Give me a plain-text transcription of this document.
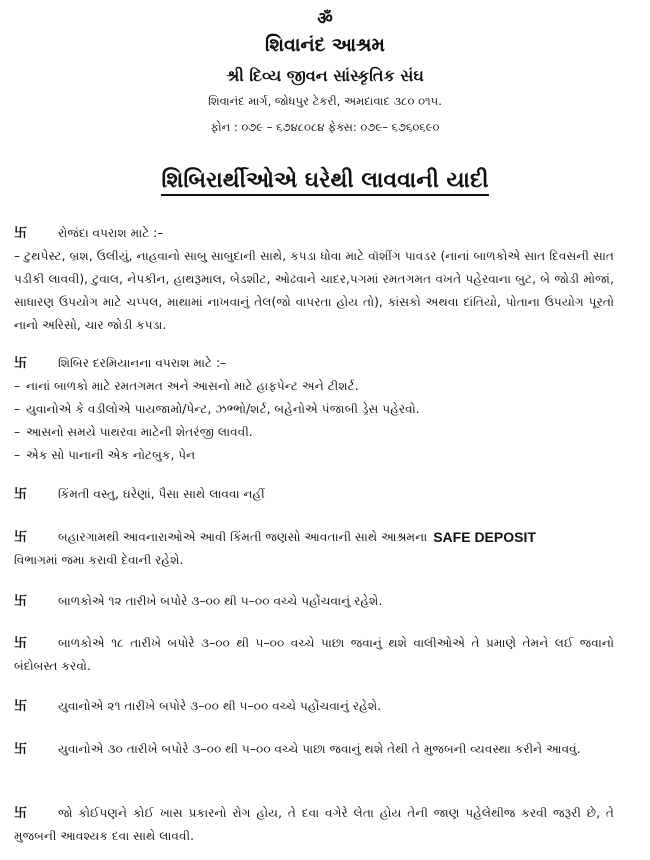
ॐ
શિવાનંદ આશ્રમ
શ્રી દિવ્ય જીવન સાંસ્કૃતિક સંઘ
શિવાનંદ માર્ગ, જોધપુર ટેકરી, અમદાવાદ ૩૮૦ ૦૧૫.
ફોન : ૦૭૯ – ૬૭૪૮૦૮૪ ફેક્સ: ૦૭૯– ૬૭૬૦૬૯૦
શિબિરાર્થીઓએ ઘરેથી લાવવાની યાદી
卐	રોજંદા વપરાશ માટે :–
– ટુથપેસ્ટ, બ્રશ, ઉલીયું, નાહવાનો સાબુ સાબુદાની સાથે, કપડા ધોવા માટે વૉશીંગ પાવડર (નાનાં બાળકોએ સાત દિવસની સાત પડીકી લાવવી), ટુવાલ, નેપકીન, હાથરૂમાલ, બેડશીટ, ઓઢવાને ચાદર,પગમાં રમતગમત વખતે પહેરવાના બુટ, બે જોડી મોજાં, સાધારણ ઉપયોગ માટે ચપ્પલ, માથામાં નાખવાનું તેલ(જો વાપરતા હોય તો), કાંસકો અથવા દાંતિયો, પોતાના ઉપયોગ પૂરતો નાનો અરિસો, ચાર જોડી કપડા.
卐	શિબિર દરમિયાનના વપરાશ માટે :–
– નાનાં બાળકો માટે રમતગમત અને આસનો માટે હાફપેન્ટ અને ટીશર્ટ.
– યુવાનોએ કે વડીલોએ પાયજામો/પેન્ટ, ઝભ્ભો/શર્ટ, બહેનોએ પંજાબી ડ્રેસ પહેરવો.
– આસનો સમયે પાથરવા માટેની શેતરંજી લાવવી.
– એક સો પાનાની એક નોટબુક, પેન
卐	કિંમતી વસ્તુ, ઘરેણાં, પૈસા સાથે લાવવા નહીં
卐	બહારગામથી આવનારાઓએ આવી કિંમતી જણસો આવતાની સાથે આશ્રમના SAFE DEPOSIT
વિભાગમાં જમા કરાવી દેવાની રહેશે.
卐	બાળકોએ ૧૨ તારીખે બપોરે ૩–૦૦ થી ૫–૦૦ વચ્ચે પહોંચવાનું રહેશે.
卐	બાળકોએ ૧૮ તારીખે બપોરે ૩–૦૦ થી ૫–૦૦ વચ્ચે પાછા જવાનું થશે વાલીઓએ તે પ્રમાણે તેમને લઈ જવાનો બંદોબસ્ત કરવો.
卐	યુવાનોએ ૨૧ તારીખે બપોરે ૩–૦૦ થી ૫–૦૦ વચ્ચે પહોંચવાનું રહેશે.
卐	યુવાનોએ ૩૦ તારીખે બપોરે ૩–૦૦ થી ૫–૦૦ વચ્ચે પાછા જવાનું થશે તેથી તે મુજબની વ્યવસ્થા કરીને આવવું.
卐	જો કોઈપણને કોઈ ખાસ પ્રકારનો રોગ હોય, તે દવા વગેરે લેતા હોય તેની જાણ પહેલેથીજ કરવી જરૂરી છે, તે મુજબની આવશ્યક દવા સાથે લાવવી.
